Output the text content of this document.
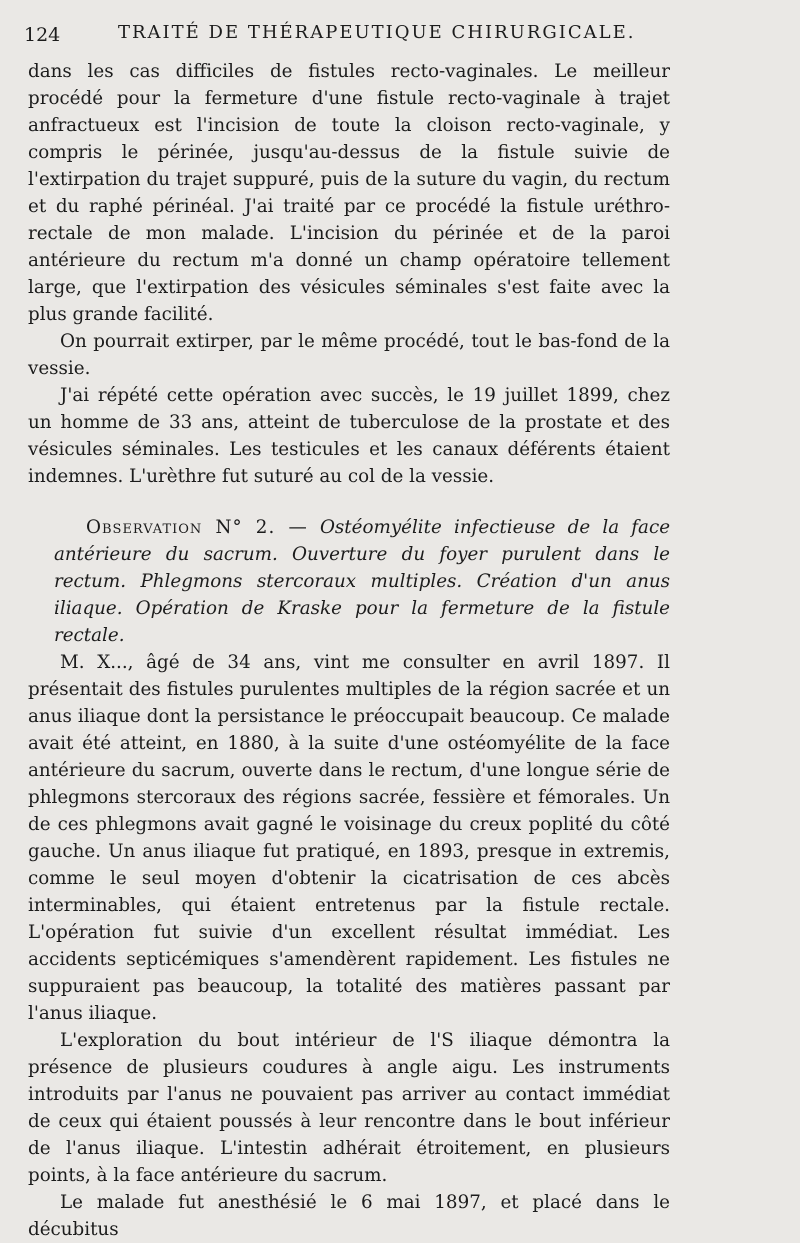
124	TRAITÉ DE THÉRAPEUTIQUE CHIRURGICALE.

dans les cas difficiles de fistules recto-vaginales. Le meilleur procédé pour la fermeture d'une fistule recto-vaginale à trajet anfractueux est l'incision de toute la cloison recto-vaginale, y compris le périnée, jusqu'au-dessus de la fistule suivie de l'extirpation du trajet suppuré, puis de la suture du vagin, du rectum et du raphé périnéal. J'ai traité par ce procédé la fistule uréthro-rectale de mon malade. L'incision du périnée et de la paroi antérieure du rectum m'a donné un champ opératoire tellement large, que l'extirpation des vésicules séminales s'est faite avec la plus grande facilité.

On pourrait extirper, par le même procédé, tout le bas-fond de la vessie.

J'ai répété cette opération avec succès, le 19 juillet 1899, chez un homme de 33 ans, atteint de tuberculose de la prostate et des vésicules séminales. Les testicules et les canaux déférents étaient indemnes. L'urèthre fut suturé au col de la vessie.

Observation N° 2. — Ostéomyélite infectieuse de la face antérieure du sacrum. Ouverture du foyer purulent dans le rectum. Phlegmons stercoraux multiples. Création d'un anus iliaque. Opération de Kraske pour la fermeture de la fistule rectale.

M. X..., âgé de 34 ans, vint me consulter en avril 1897. Il présentait des fistules purulentes multiples de la région sacrée et un anus iliaque dont la persistance le préoccupait beaucoup. Ce malade avait été atteint, en 1880, à la suite d'une ostéomyélite de la face antérieure du sacrum, ouverte dans le rectum, d'une longue série de phlegmons stercoraux des régions sacrée, fessière et fémorales. Un de ces phlegmons avait gagné le voisinage du creux poplité du côté gauche. Un anus iliaque fut pratiqué, en 1893, presque in extremis, comme le seul moyen d'obtenir la cicatrisation de ces abcès interminables, qui étaient entretenus par la fistule rectale. L'opération fut suivie d'un excellent résultat immédiat. Les accidents septicémiques s'amendèrent rapidement. Les fistules ne suppuraient pas beaucoup, la totalité des matières passant par l'anus iliaque.

L'exploration du bout intérieur de l'S iliaque démontra la présence de plusieurs coudures à angle aigu. Les instruments introduits par l'anus ne pouvaient pas arriver au contact immédiat de ceux qui étaient poussés à leur rencontre dans le bout inférieur de l'anus iliaque. L'intestin adhérait étroitement, en plusieurs points, à la face antérieure du sacrum.

Le malade fut anesthésié le 6 mai 1897, et placé dans le décubitus
